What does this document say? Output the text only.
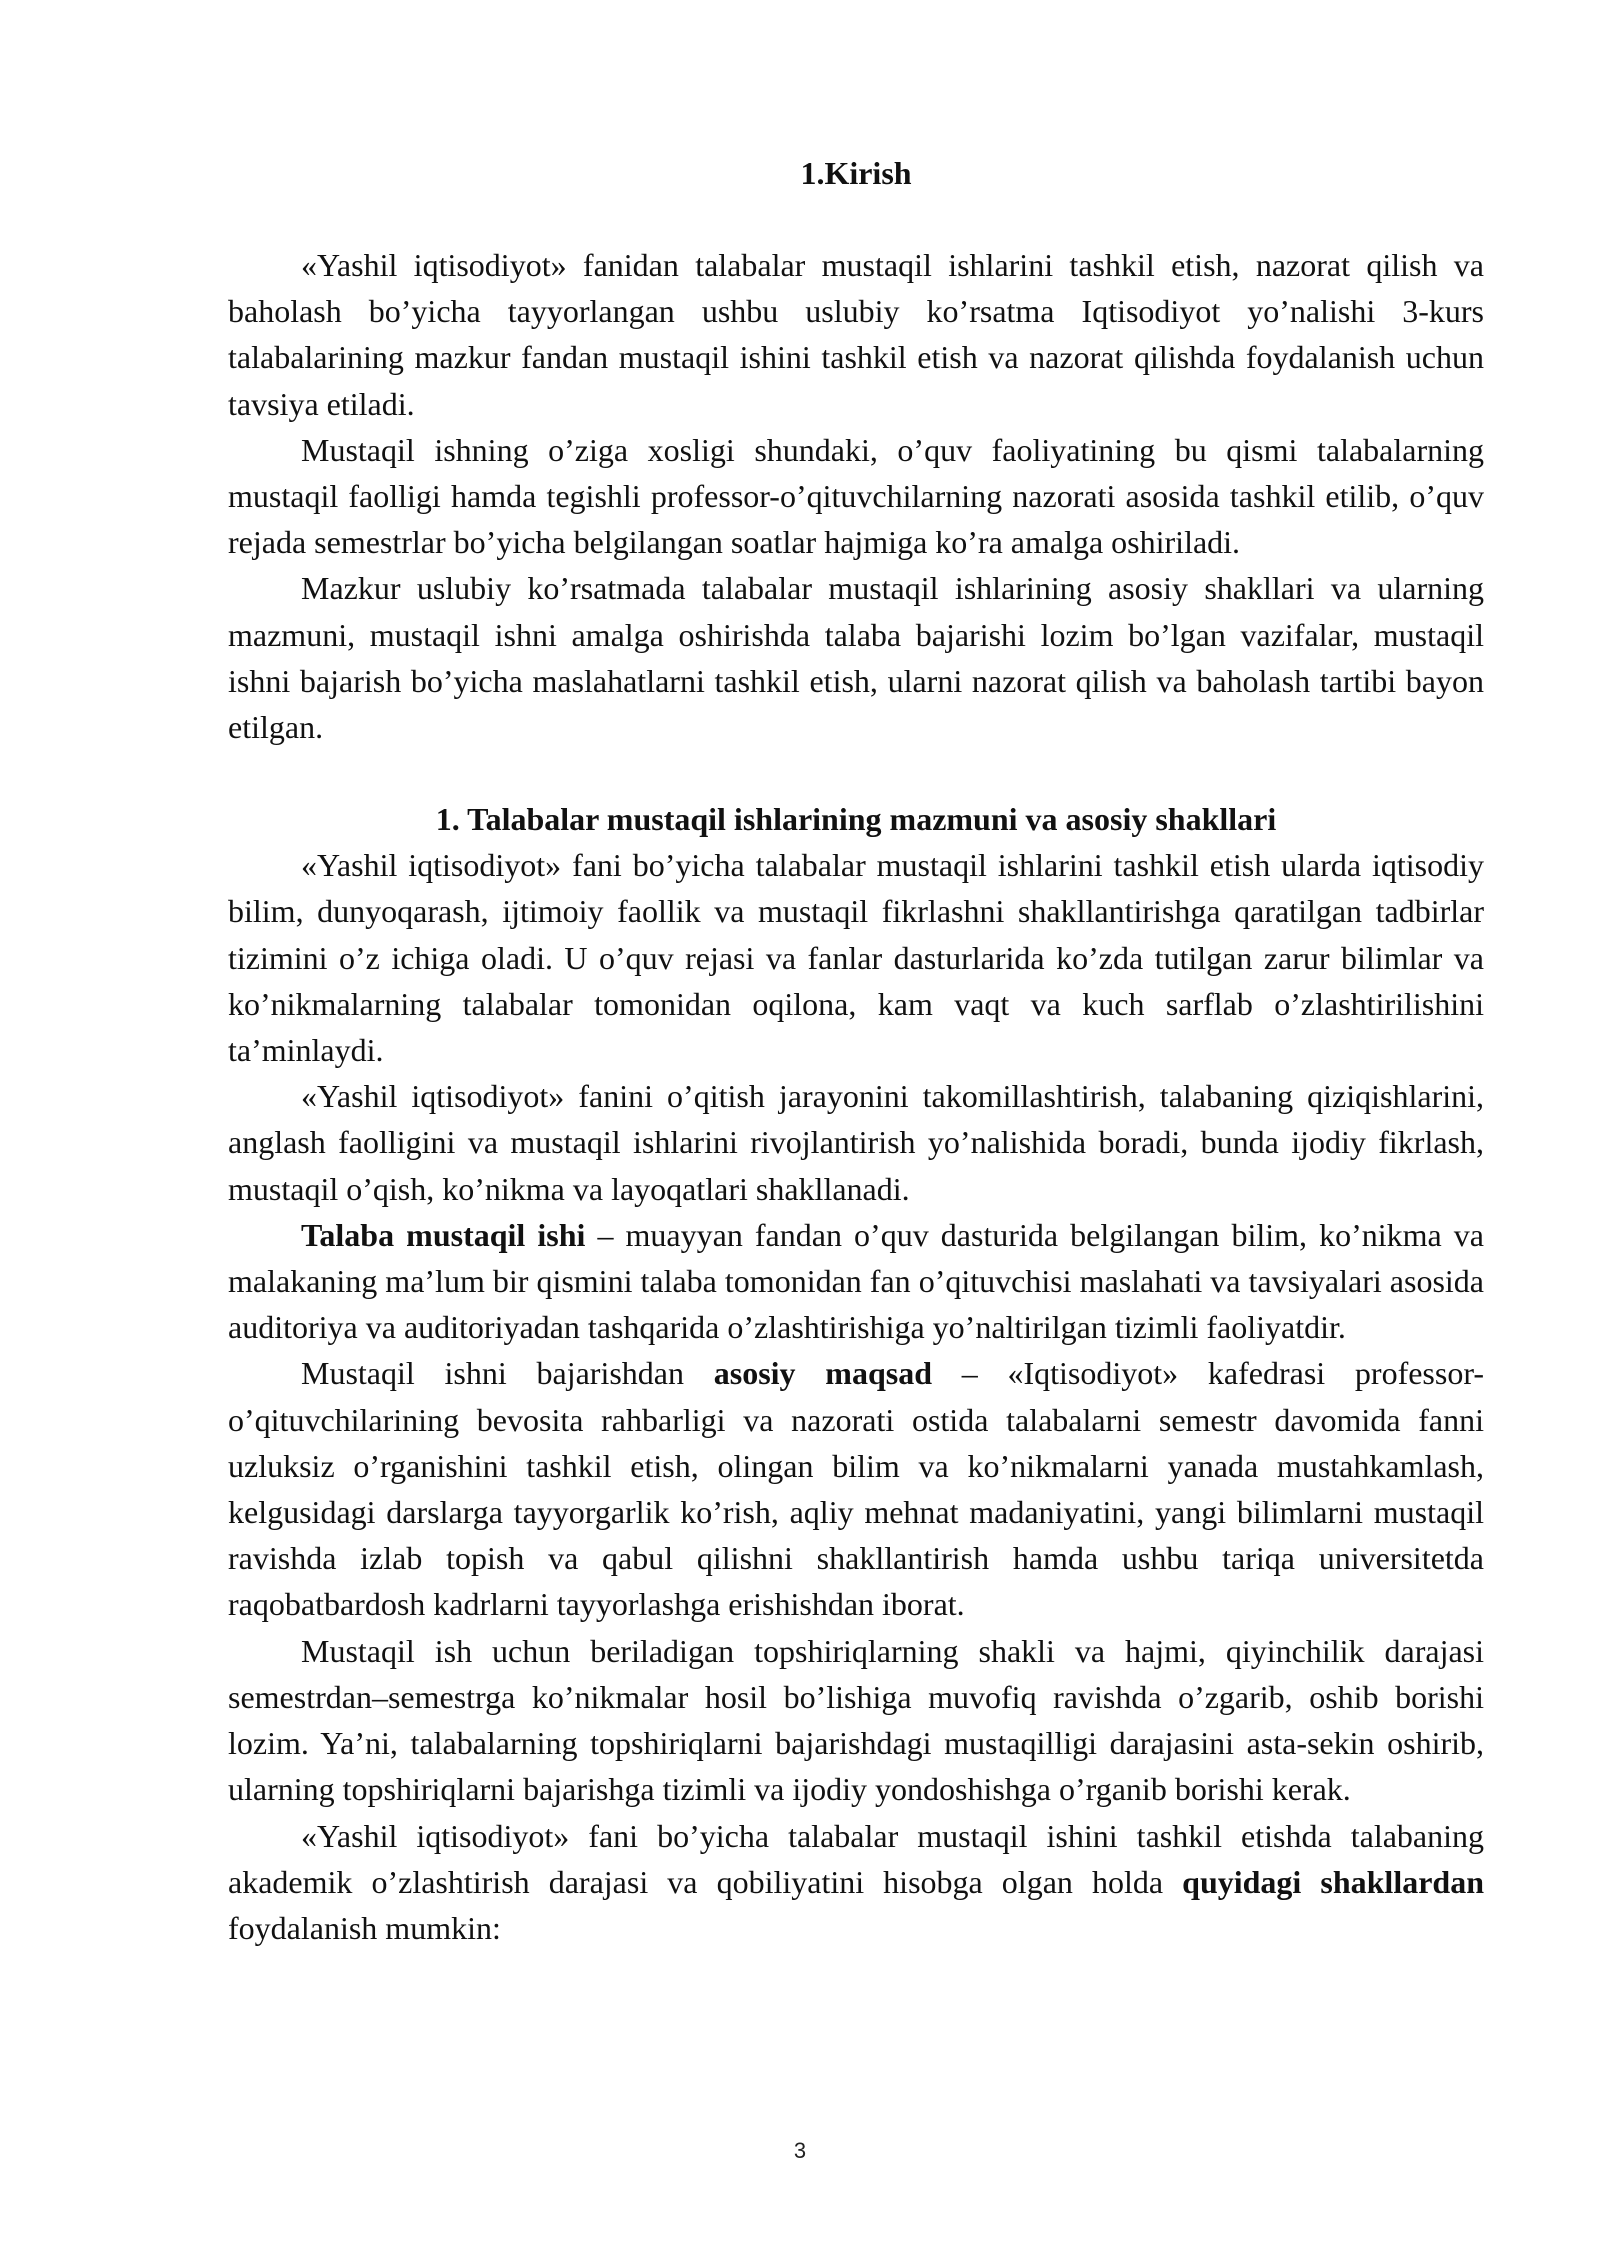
1.Kirish

«Yashil iqtisodiyot» fanidan talabalar mustaqil ishlarini tashkil etish, nazorat qilish va baholash bo’yicha tayyorlangan ushbu uslubiy ko’rsatma Iqtisodiyot yo’nalishi 3-kurs talabalarining mazkur fandan mustaqil ishini tashkil etish va nazorat qilishda foydalanish uchun tavsiya etiladi.

Mustaqil ishning o’ziga xosligi shundaki, o’quv faoliyatining bu qismi talabalarning mustaqil faolligi hamda tegishli professor-o’qituvchilarning nazorati asosida tashkil etilib, o’quv rejada semestrlar bo’yicha belgilangan soatlar hajmiga ko’ra amalga oshiriladi.

Mazkur uslubiy ko’rsatmada talabalar mustaqil ishlarining asosiy shakllari va ularning mazmuni, mustaqil ishni amalga oshirishda talaba bajarishi lozim bo’lgan vazifalar, mustaqil ishni bajarish bo’yicha maslahatlarni tashkil etish, ularni nazorat qilish va baholash tartibi bayon etilgan.

1. Talabalar mustaqil ishlarining mazmuni va asosiy shakllari

«Yashil iqtisodiyot» fani bo’yicha talabalar mustaqil ishlarini tashkil etish ularda iqtisodiy bilim, dunyoqarash, ijtimoiy faollik va mustaqil fikrlashni shakllantirishga qaratilgan tadbirlar tizimini o’z ichiga oladi. U o’quv rejasi va fanlar dasturlarida ko’zda tutilgan zarur bilimlar va ko’nikmalarning talabalar tomonidan oqilona, kam vaqt va kuch sarflab o’zlashtirilishini ta’minlaydi.

«Yashil iqtisodiyot» fanini o’qitish jarayonini takomillashtirish, talabaning qiziqishlarini, anglash faolligini va mustaqil ishlarini rivojlantirish yo’nalishida boradi, bunda ijodiy fikrlash, mustaqil o’qish, ko’nikma va layoqatlari shakllanadi.

Talaba mustaqil ishi – muayyan fandan o’quv dasturida belgilangan bilim, ko’nikma va malakaning ma’lum bir qismini talaba tomonidan fan o’qituvchisi maslahati va tavsiyalari asosida auditoriya va auditoriyadan tashqarida o’zlashtirishiga yo’naltirilgan tizimli faoliyatdir.

Mustaqil ishni bajarishdan asosiy maqsad – «Iqtisodiyot» kafedrasi professor-o’qituvchilarining bevosita rahbarligi va nazorati ostida talabalarni semestr davomida fanni uzluksiz o’rganishini tashkil etish, olingan bilim va ko’nikmalarni yanada mustahkamlash, kelgusidagi darslarga tayyorgarlik ko’rish, aqliy mehnat madaniyatini, yangi bilimlarni mustaqil ravishda izlab topish va qabul qilishni shakllantirish hamda ushbu tariqa universitetda raqobatbardosh kadrlarni tayyorlashga erishishdan iborat.

Mustaqil ish uchun beriladigan topshiriqlarning shakli va hajmi, qiyinchilik darajasi semestrdan–semestrga ko’nikmalar hosil bo’lishiga muvofiq ravishda o’zgarib, oshib borishi lozim. Ya’ni, talabalarning topshiriqlarni bajarishdagi mustaqilligi darajasini asta-sekin oshirib, ularning topshiriqlarni bajarishga tizimli va ijodiy yondoshishga o’rganib borishi kerak.

«Yashil iqtisodiyot» fani bo’yicha talabalar mustaqil ishini tashkil etishda talabaning akademik o’zlashtirish darajasi va qobiliyatini hisobga olgan holda quyidagi shakllardan foydalanish mumkin:

3
